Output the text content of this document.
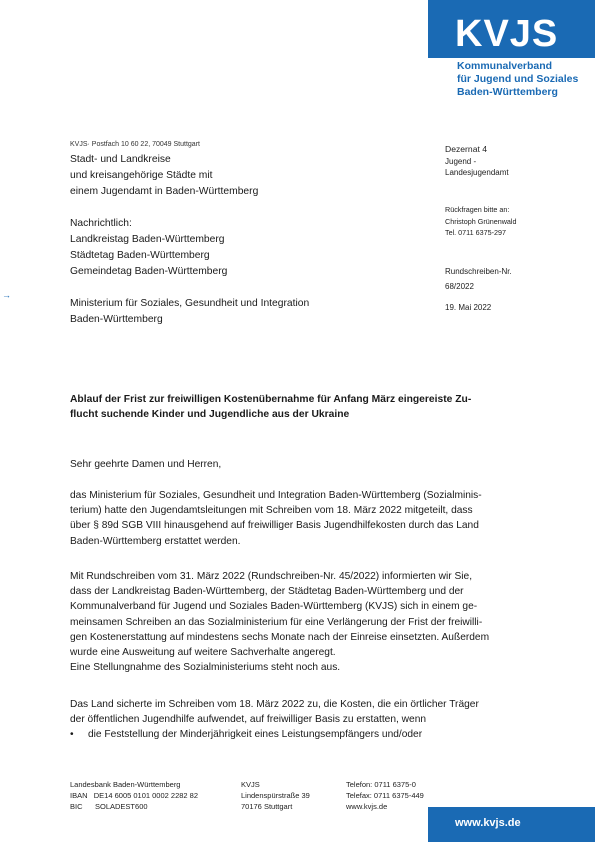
KVJS
Kommunalverband
für Jugend und Soziales
Baden-Württemberg
→
KVJS· Postfach 10 60 22, 70049 Stuttgart
Stadt- und Landkreise
und kreisangehörige Städte mit
einem Jugendamt in Baden-Württemberg
Nachrichtlich:
Landkreistag Baden-Württemberg
Städtetag Baden-Württemberg
Gemeindetag Baden-Württemberg
Ministerium für Soziales, Gesundheit und Integration
Baden-Württemberg
Dezernat 4
Jugend -
Landesjugendamt
Rückfragen bitte an:
Christoph Grünenwald
Tel. 0711 6375-297
Rundschreiben-Nr.
68/2022
19. Mai 2022
Ablauf der Frist zur freiwilligen Kostenübernahme für Anfang März eingereiste Zu-
flucht suchende Kinder und Jugendliche aus der Ukraine
Sehr geehrte Damen und Herren,
das Ministerium für Soziales, Gesundheit und Integration Baden-Württemberg (Sozialminis-
terium) hatte den Jugendamtsleitungen mit Schreiben vom 18. März 2022 mitgeteilt, dass
über § 89d SGB VIII hinausgehend auf freiwilliger Basis Jugendhilfekosten durch das Land
Baden-Württemberg erstattet werden.
Mit Rundschreiben vom 31. März 2022 (Rundschreiben-Nr. 45/2022) informierten wir Sie,
dass der Landkreistag Baden-Württemberg, der Städtetag Baden-Württemberg und der
Kommunalverband für Jugend und Soziales Baden-Württemberg (KVJS) sich in einem ge-
meinsamen Schreiben an das Sozialministerium für eine Verlängerung der Frist der freiwilli-
gen Kostenerstattung auf mindestens sechs Monate nach der Einreise einsetzten. Außerdem
wurde eine Ausweitung auf weitere Sachverhalte angeregt.
Eine Stellungnahme des Sozialministeriums steht noch aus.
Das Land sicherte im Schreiben vom 18. März 2022 zu, die Kosten, die ein örtlicher Träger
der öffentlichen Jugendhilfe aufwendet, auf freiwilliger Basis zu erstatten, wenn
• die Feststellung der Minderjährigkeit eines Leistungsempfängers und/oder
Landesbank Baden-Württemberg
IBAN   DE14 6005 0101 0002 2282 82
BIC      SOLADEST600
KVJS
Lindenspürstraße 39
70176 Stuttgart
Telefon: 0711 6375-0
Telefax: 0711 6375-449
www.kvjs.de
www.kvjs.de
